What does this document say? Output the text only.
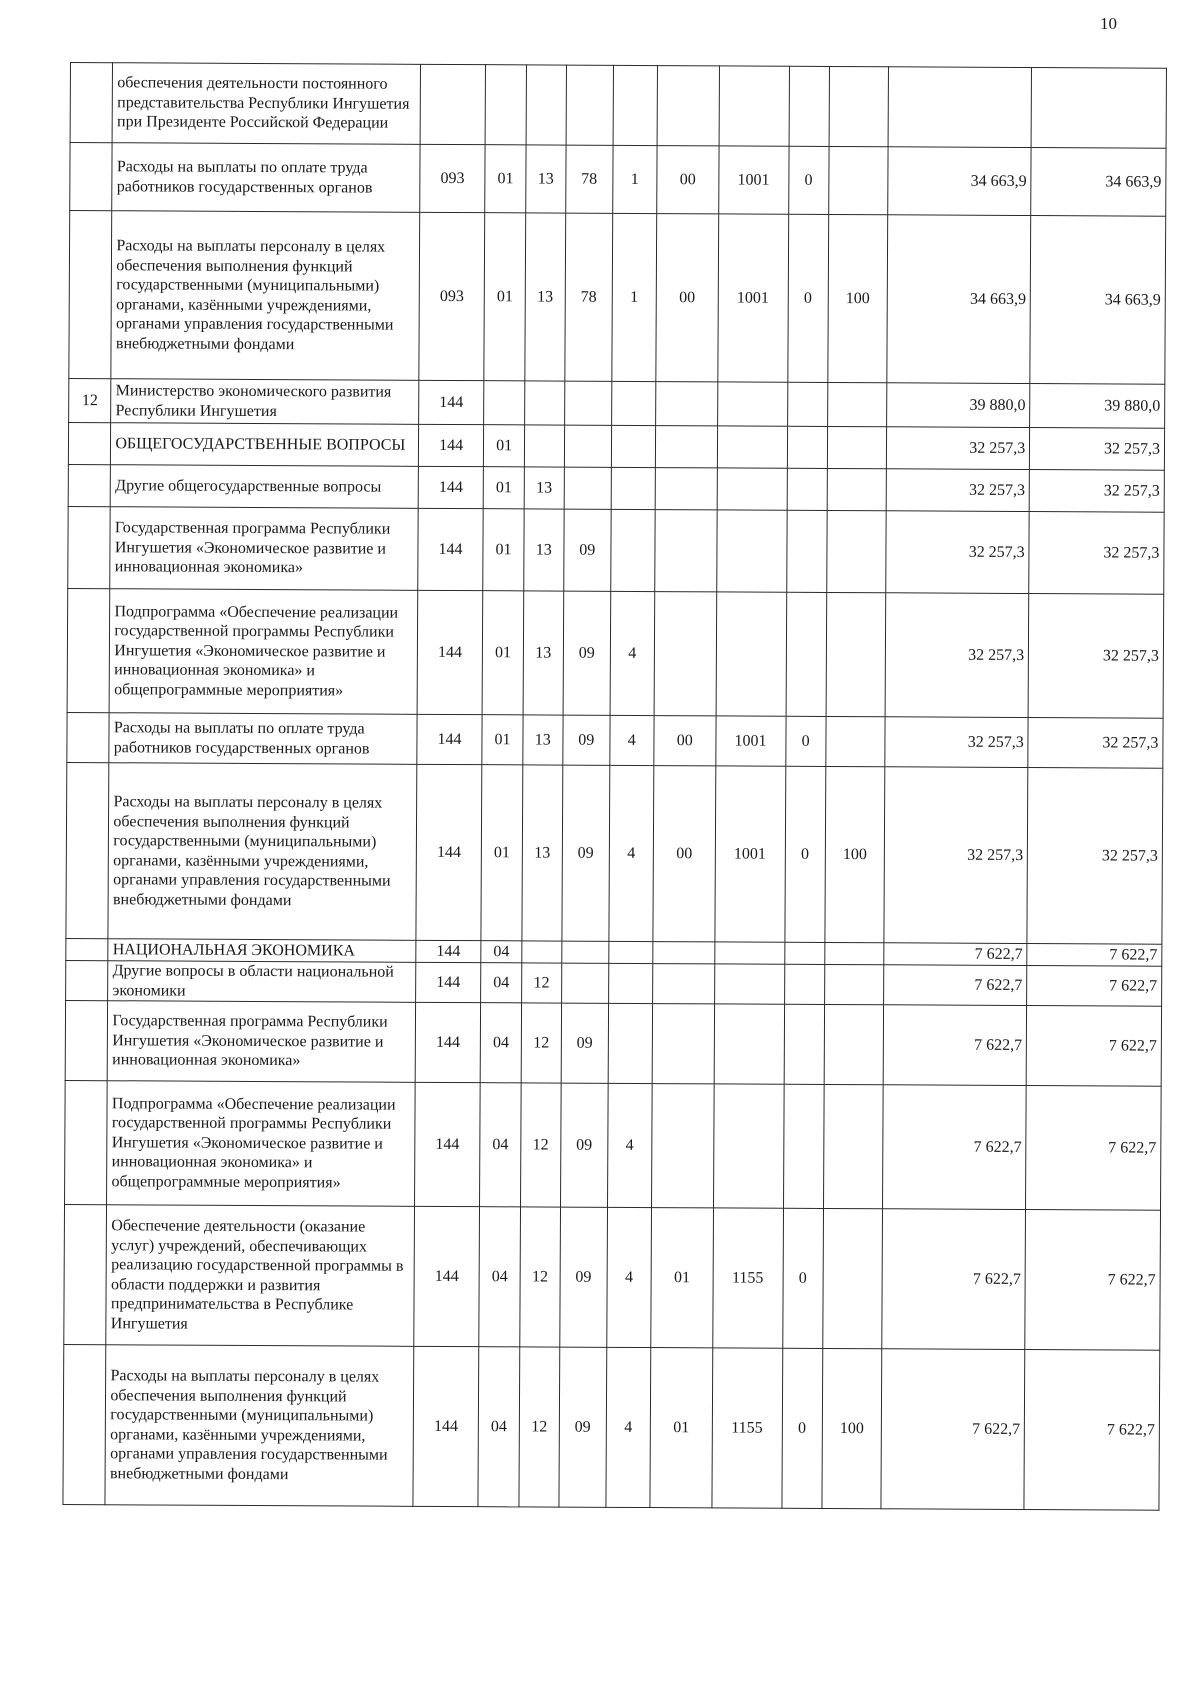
10
	обеспечения деятельности постоянного представительства Республики Ингушетия при Президенте Российской Федерации											
	Расходы на выплаты по оплате труда работников государственных органов	093	01	13	78	1	00	1001	0		34 663,9	34 663,9
	Расходы на выплаты персоналу в целях обеспечения выполнения функций государственными (муниципальными) органами, казёнными учреждениями, органами управления государственными внебюджетными фондами	093	01	13	78	1	00	1001	0	100	34 663,9	34 663,9
12	Министерство экономического развития Республики Ингушетия	144									39 880,0	39 880,0
	ОБЩЕГОСУДАРСТВЕННЫЕ ВОПРОСЫ	144	01								32 257,3	32 257,3
	Другие общегосударственные вопросы	144	01	13							32 257,3	32 257,3
	Государственная программа Республики Ингушетия «Экономическое развитие и инновационная экономика»	144	01	13	09						32 257,3	32 257,3
	Подпрограмма «Обеспечение реализации государственной программы Республики Ингушетия «Экономическое развитие и инновационная экономика» и общепрограммные мероприятия»	144	01	13	09	4					32 257,3	32 257,3
	Расходы на выплаты по оплате труда работников государственных органов	144	01	13	09	4	00	1001	0		32 257,3	32 257,3
	Расходы на выплаты персоналу в целях обеспечения выполнения функций государственными (муниципальными) органами, казёнными учреждениями, органами управления государственными внебюджетными фондами	144	01	13	09	4	00	1001	0	100	32 257,3	32 257,3
	НАЦИОНАЛЬНАЯ ЭКОНОМИКА	144	04								7 622,7	7 622,7
	Другие вопросы в области национальной экономики	144	04	12							7 622,7	7 622,7
	Государственная программа Республики Ингушетия «Экономическое развитие и инновационная экономика»	144	04	12	09						7 622,7	7 622,7
	Подпрограмма «Обеспечение реализации государственной программы Республики Ингушетия «Экономическое развитие и инновационная экономика» и общепрограммные мероприятия»	144	04	12	09	4					7 622,7	7 622,7
	Обеспечение деятельности (оказание услуг) учреждений, обеспечивающих реализацию государственной программы в области поддержки и развития предпринимательства в Республике Ингушетия	144	04	12	09	4	01	1155	0		7 622,7	7 622,7
	Расходы на выплаты персоналу в целях обеспечения выполнения функций государственными (муниципальными) органами, казёнными учреждениями, органами управления государственными внебюджетными фондами	144	04	12	09	4	01	1155	0	100	7 622,7	7 622,7
